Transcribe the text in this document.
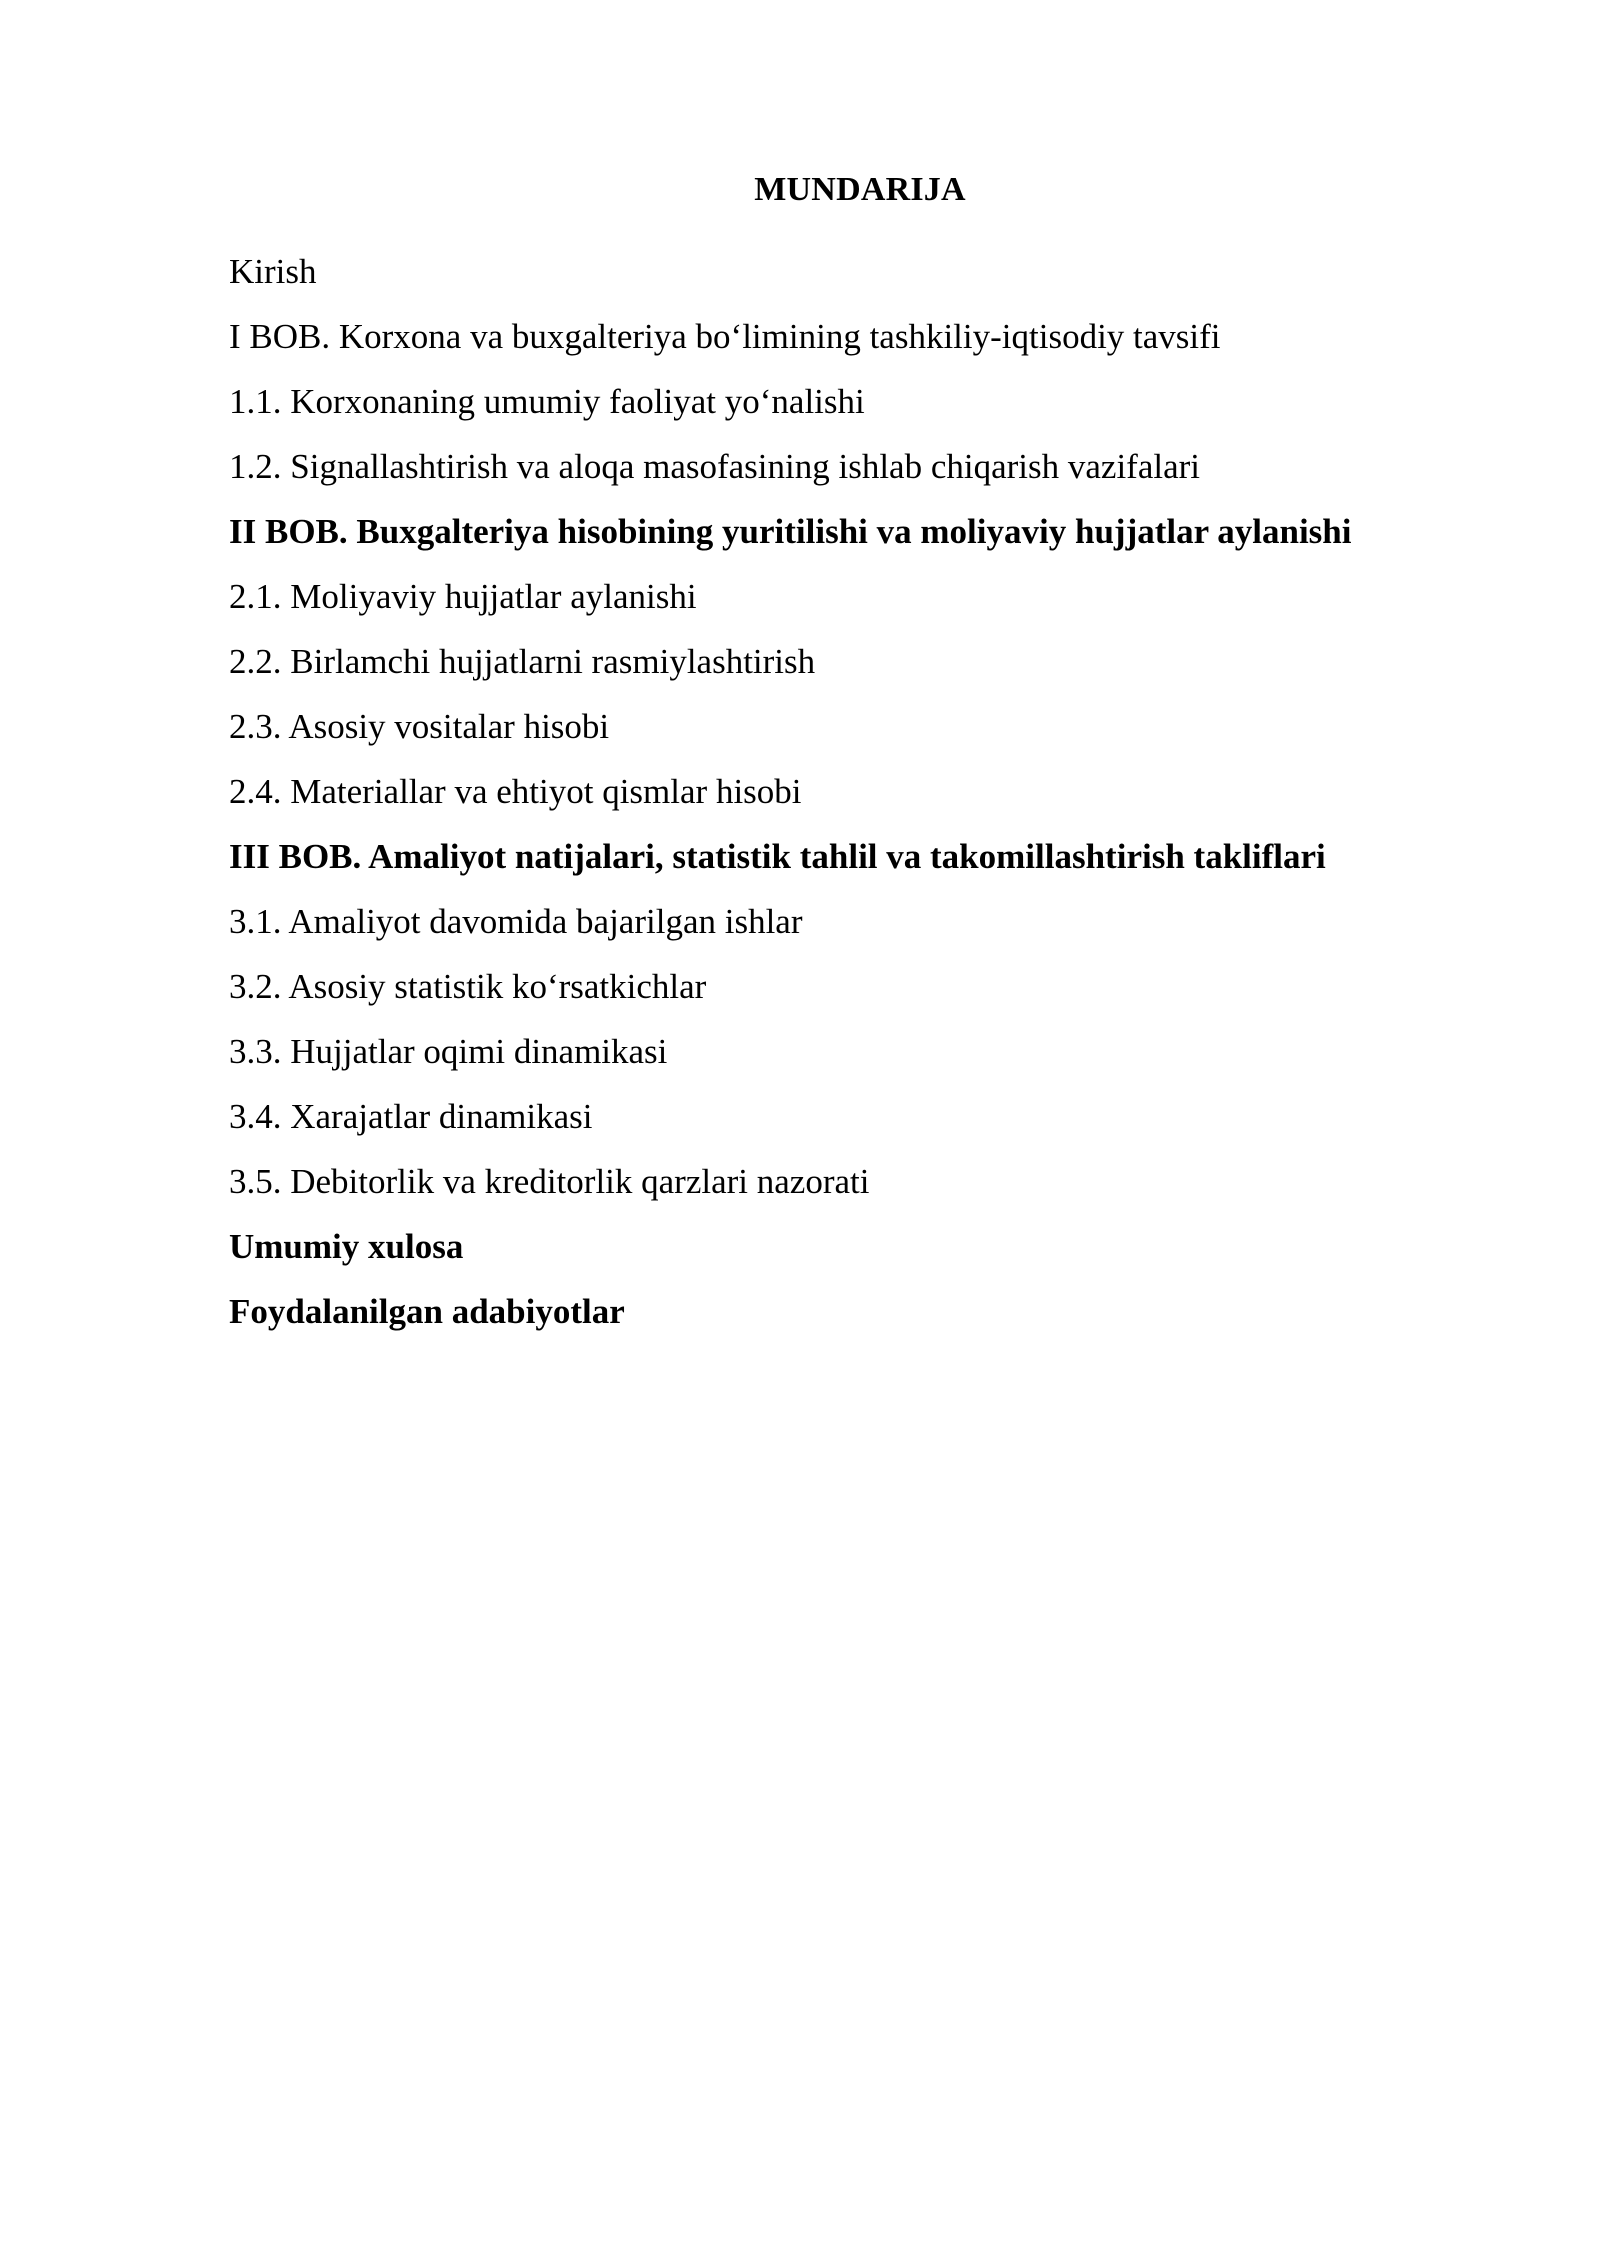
MUNDARIJA
Kirish
I BOB. Korxona va buxgalteriya bo‘limining tashkiliy-iqtisodiy tavsifi
1.1. Korxonaning umumiy faoliyat yo‘nalishi
1.2. Signallashtirish va aloqa masofasining ishlab chiqarish vazifalari
II BOB. Buxgalteriya hisobining yuritilishi va moliyaviy hujjatlar aylanishi
2.1. Moliyaviy hujjatlar aylanishi
2.2. Birlamchi hujjatlarni rasmiylashtirish
2.3. Asosiy vositalar hisobi
2.4. Materiallar va ehtiyot qismlar hisobi
III BOB. Amaliyot natijalari, statistik tahlil va takomillashtirish takliflari
3.1. Amaliyot davomida bajarilgan ishlar
3.2. Asosiy statistik ko‘rsatkichlar
3.3. Hujjatlar oqimi dinamikasi
3.4. Xarajatlar dinamikasi
3.5. Debitorlik va kreditorlik qarzlari nazorati
Umumiy xulosa
Foydalanilgan adabiyotlar
